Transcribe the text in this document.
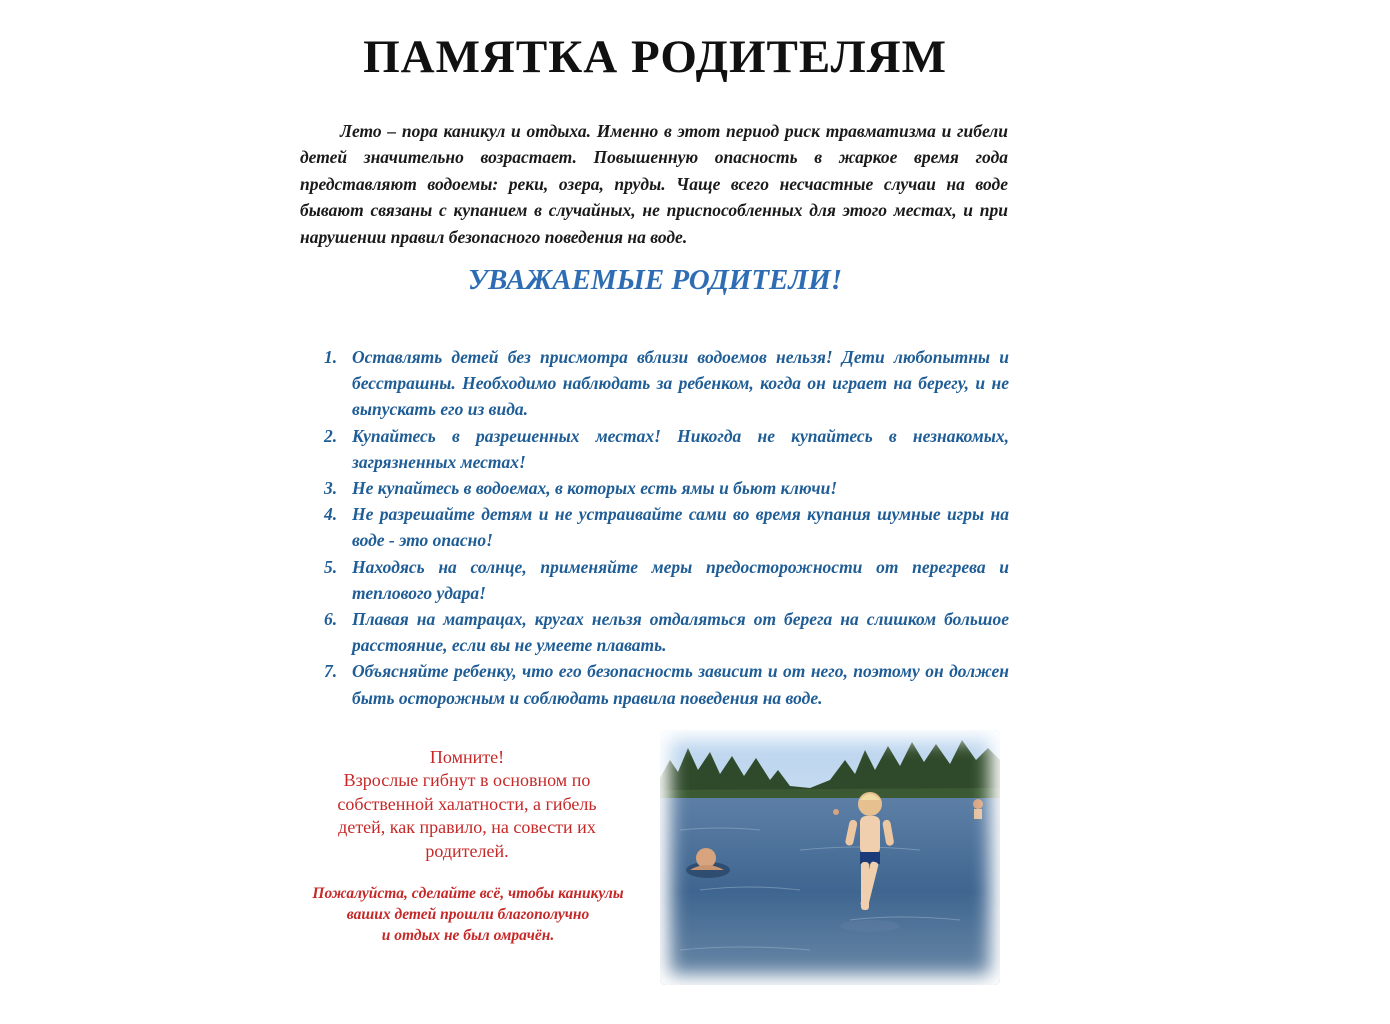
ПАМЯТКА РОДИТЕЛЯМ

Лето – пора каникул и отдыха. Именно в этот период риск травматизма и гибели детей значительно возрастает. Повышенную опасность в жаркое время года представляют водоемы: реки, озера, пруды. Чаще всего несчастные случаи на воде бывают связаны с купанием в случайных, не приспособленных для этого местах, и при нарушении правил безопасного поведения на воде.

УВАЖАЕМЫЕ РОДИТЕЛИ!
1. Оставлять детей без присмотра вблизи водоемов нельзя! Дети любопытны и бесстрашны. Необходимо наблюдать за ребенком, когда он играет на берегу, и не выпускать его из вида.
2. Купайтесь в разрешенных местах! Никогда не купайтесь в незнакомых, загрязненных местах!
3. Не купайтесь в водоемах, в которых есть ямы и бьют ключи!
4. Не разрешайте детям и не устраивайте сами во время купания шумные игры на воде - это опасно!
5. Находясь на солнце, применяйте меры предосторожности от перегрева и теплового удара!
6. Плавая на матрацах, кругах нельзя отдаляться от берега на слишком большое расстояние, если вы не умеете плавать.
7. Объясняйте ребенку, что его безопасность зависит и от него, поэтому он должен быть осторожным и соблюдать правила поведения на воде.
Помните!
Взрослые гибнут в основном по
собственной халатности, а гибель
детей, как правило, на совести их
родителей.
Пожалуйста, сделайте всё, чтобы каникулы
ваших детей прошли благополучно
и отдых не был омрачён.
